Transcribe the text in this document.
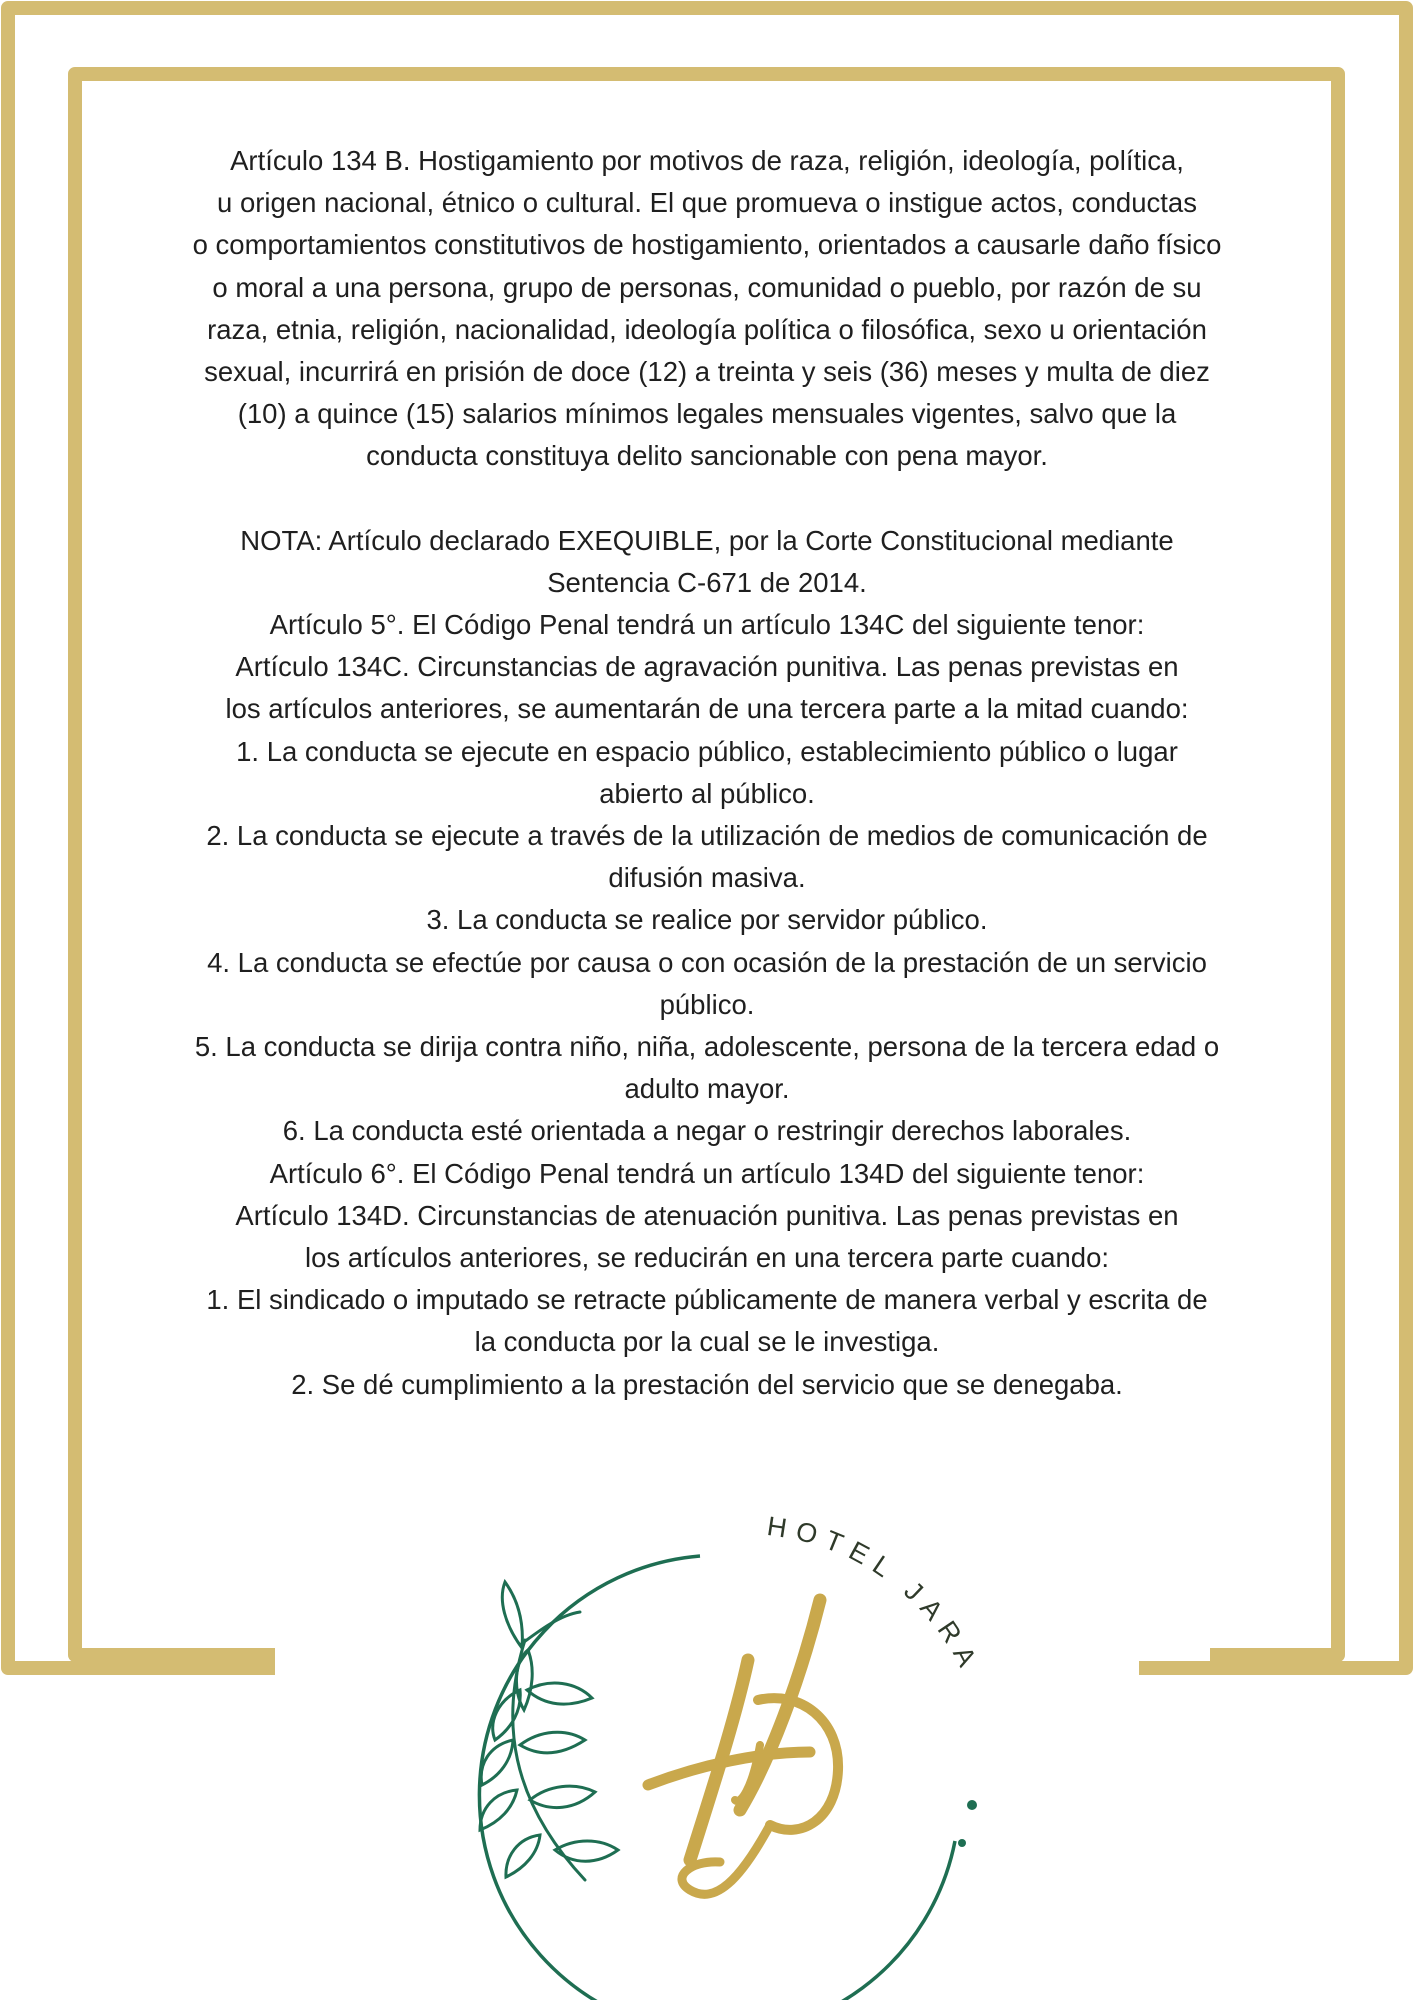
Artículo 134 B. Hostigamiento por motivos de raza, religión, ideología, política,

u origen nacional, étnico o cultural. El que promueva o instigue actos, conductas

o comportamientos constitutivos de hostigamiento, orientados a causarle daño físico

o moral a una persona, grupo de personas, comunidad o pueblo, por razón de su

raza, etnia, religión, nacionalidad, ideología política o filosófica, sexo u orientación

sexual, incurrirá en prisión de doce (12) a treinta y seis (36) meses y multa de diez

(10) a quince (15) salarios mínimos legales mensuales vigentes, salvo que la

conducta constituya delito sancionable con pena mayor.

NOTA: Artículo declarado EXEQUIBLE, por la Corte Constitucional mediante

Sentencia C-671 de 2014.

Artículo 5°. El Código Penal tendrá un artículo 134C del siguiente tenor:

Artículo 134C. Circunstancias de agravación punitiva. Las penas previstas en

los artículos anteriores, se aumentarán de una tercera parte a la mitad cuando:

1. La conducta se ejecute en espacio público, establecimiento público o lugar

abierto al público.

2. La conducta se ejecute a través de la utilización de medios de comunicación de

difusión masiva.

3. La conducta se realice por servidor público.

4. La conducta se efectúe por causa o con ocasión de la prestación de un servicio

público.

5. La conducta se dirija contra niño, niña, adolescente, persona de la tercera edad o

adulto mayor.

6. La conducta esté orientada a negar o restringir derechos laborales.

Artículo 6°. El Código Penal tendrá un artículo 134D del siguiente tenor:

Artículo 134D. Circunstancias de atenuación punitiva. Las penas previstas en

los artículos anteriores, se reducirán en una tercera parte cuando:

1. El sindicado o imputado se retracte públicamente de manera verbal y escrita de

la conducta por la cual se le investiga.

2. Se dé cumplimiento a la prestación del servicio que se denegaba.

HOTEL JARA
